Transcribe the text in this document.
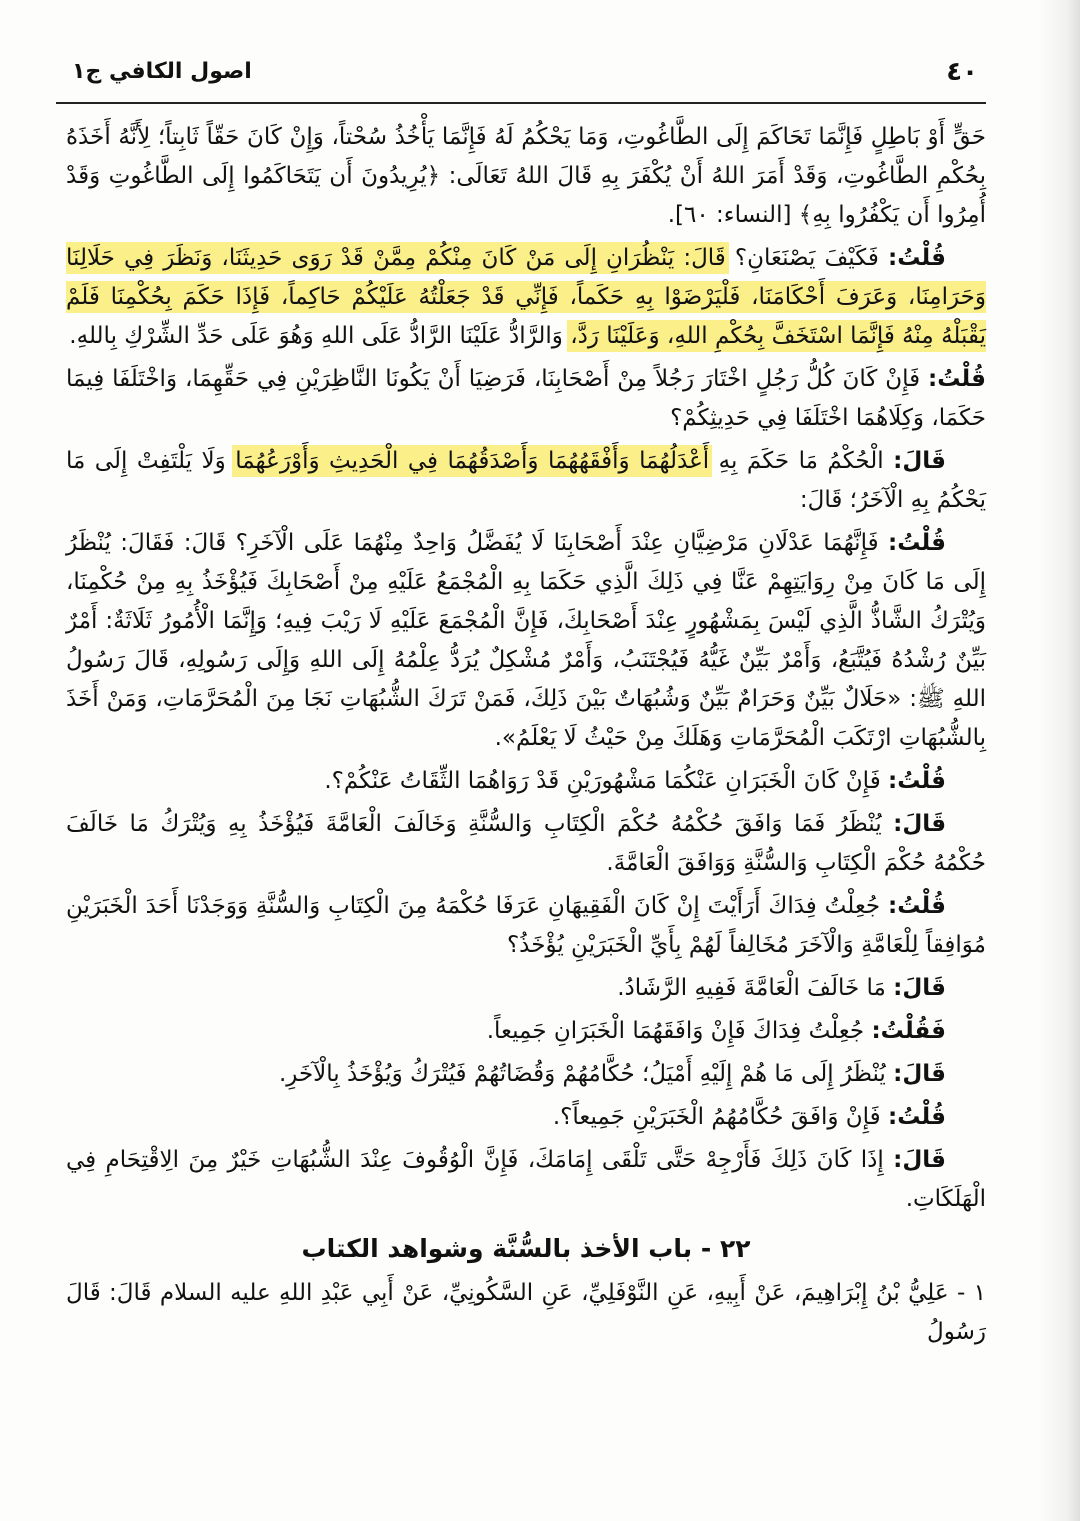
٤٠
اصول الكافي ج١

حَقٍّ أَوْ بَاطِلٍ فَإِنَّمَا تَحَاكَمَ إِلَى الطَّاغُوتِ، وَمَا يَحْكُمُ لَهُ فَإِنَّمَا يَأْخُذُ سُحْتاً، وَإِنْ كَانَ حَقّاً ثَابِتاً؛ لِأَنَّهُ أَخَذَهُ بِحُكْمِ الطَّاغُوتِ، وَقَدْ أَمَرَ اللهُ أَنْ يُكْفَرَ بِهِ قَالَ اللهُ تَعَالَى: ﴿يُرِيدُونَ أَن يَتَحَاكَمُوا إِلَى الطَّاغُوتِ وَقَدْ أُمِرُوا أَن يَكْفُرُوا بِهِ﴾ [النساء: ٦٠].

قُلْتُ: فَكَيْفَ يَصْنَعَانِ؟ قَالَ: يَنْظُرَانِ إِلَى مَنْ كَانَ مِنْكُمْ مِمَّنْ قَدْ رَوَى حَدِيثَنَا، وَنَظَرَ فِي حَلَالِنَا وَحَرَامِنَا، وَعَرَفَ أَحْكَامَنَا، فَلْيَرْضَوْا بِهِ حَكَماً، فَإِنِّي قَدْ جَعَلْتُهُ عَلَيْكُمْ حَاكِماً، فَإِذَا حَكَمَ بِحُكْمِنَا فَلَمْ يَقْبَلْهُ مِنْهُ فَإِنَّمَا اسْتَخَفَّ بِحُكْمِ اللهِ، وَعَلَيْنَا رَدَّ، وَالرَّادُّ عَلَيْنَا الرَّادُّ عَلَى اللهِ وَهُوَ عَلَى حَدِّ الشِّرْكِ بِاللهِ.

قُلْتُ: فَإِنْ كَانَ كُلُّ رَجُلٍ اخْتَارَ رَجُلاً مِنْ أَصْحَابِنَا، فَرَضِيَا أَنْ يَكُونَا النَّاظِرَيْنِ فِي حَقِّهِمَا، وَاخْتَلَفَا فِيمَا حَكَمَا، وَكِلَاهُمَا اخْتَلَفَا فِي حَدِيثِكُمْ؟

قَالَ: الْحُكْمُ مَا حَكَمَ بِهِ أَعْدَلُهُمَا وَأَفْقَهُهُمَا وَأَصْدَقُهُمَا فِي الْحَدِيثِ وَأَوْرَعُهُمَا وَلَا يَلْتَفِتْ إِلَى مَا يَحْكُمُ بِهِ الْآخَرُ؛ قَالَ:

قُلْتُ: فَإِنَّهُمَا عَدْلَانِ مَرْضِيَّانِ عِنْدَ أَصْحَابِنَا لَا يُفَضَّلُ وَاحِدٌ مِنْهُمَا عَلَى الْآخَرِ؟ قَالَ: فَقَالَ: يُنْظَرُ إِلَى مَا كَانَ مِنْ رِوَايَتِهِمْ عَنَّا فِي ذَلِكَ الَّذِي حَكَمَا بِهِ الْمُجْمَعُ عَلَيْهِ مِنْ أَصْحَابِكَ فَيُؤْخَذُ بِهِ مِنْ حُكْمِنَا، وَيُتْرَكُ الشَّاذُّ الَّذِي لَيْسَ بِمَشْهُورٍ عِنْدَ أَصْحَابِكَ، فَإِنَّ الْمُجْمَعَ عَلَيْهِ لَا رَيْبَ فِيهِ؛ وَإِنَّمَا الْأُمُورُ ثَلَاثَةٌ: أَمْرٌ بَيِّنٌ رُشْدُهُ فَيُتَّبَعُ، وَأَمْرٌ بَيِّنٌ غَيُّهُ فَيُجْتَنَبُ، وَأَمْرٌ مُشْكِلٌ يُرَدُّ عِلْمُهُ إِلَى اللهِ وَإِلَى رَسُولِهِ، قَالَ رَسُولُ اللهِ ﷺ: «حَلَالٌ بَيِّنٌ وَحَرَامٌ بَيِّنٌ وَشُبُهَاتٌ بَيْنَ ذَلِكَ، فَمَنْ تَرَكَ الشُّبُهَاتِ نَجَا مِنَ الْمُحَرَّمَاتِ، وَمَنْ أَخَذَ بِالشُّبُهَاتِ ارْتَكَبَ الْمُحَرَّمَاتِ وَهَلَكَ مِنْ حَيْثُ لَا يَعْلَمُ».

قُلْتُ: فَإِنْ كَانَ الْخَبَرَانِ عَنْكُمَا مَشْهُورَيْنِ قَدْ رَوَاهُمَا الثِّقَاتُ عَنْكُمْ؟.

قَالَ: يُنْظَرُ فَمَا وَافَقَ حُكْمُهُ حُكْمَ الْكِتَابِ وَالسُّنَّةِ وَخَالَفَ الْعَامَّةَ فَيُؤْخَذُ بِهِ وَيُتْرَكُ مَا خَالَفَ حُكْمُهُ حُكْمَ الْكِتَابِ وَالسُّنَّةِ وَوَافَقَ الْعَامَّةَ.

قُلْتُ: جُعِلْتُ فِدَاكَ أَرَأَيْتَ إِنْ كَانَ الْفَقِيهَانِ عَرَفَا حُكْمَهُ مِنَ الْكِتَابِ وَالسُّنَّةِ وَوَجَدْنَا أَحَدَ الْخَبَرَيْنِ مُوَافِقاً لِلْعَامَّةِ وَالْآخَرَ مُخَالِفاً لَهُمْ بِأَيِّ الْخَبَرَيْنِ يُؤْخَذُ؟

قَالَ: مَا خَالَفَ الْعَامَّةَ فَفِيهِ الرَّشَادُ.

فَقُلْتُ: جُعِلْتُ فِدَاكَ فَإِنْ وَافَقَهُمَا الْخَبَرَانِ جَمِيعاً.

قَالَ: يُنْظَرُ إِلَى مَا هُمْ إِلَيْهِ أَمْيَلُ؛ حُكَّامُهُمْ وَقُضَاتُهُمْ فَيُتْرَكُ وَيُؤْخَذُ بِالْآخَرِ.

قُلْتُ: فَإِنْ وَافَقَ حُكَّامُهُمُ الْخَبَرَيْنِ جَمِيعاً؟.

قَالَ: إِذَا كَانَ ذَلِكَ فَأَرْجِهْ حَتَّى تَلْقَى إِمَامَكَ، فَإِنَّ الْوُقُوفَ عِنْدَ الشُّبُهَاتِ خَيْرٌ مِنَ الِاقْتِحَامِ فِي الْهَلَكَاتِ.

٢٢ - باب الأخذ بالسُّنَّة وشواهد الكتاب

١ - عَلِيُّ بْنُ إِبْرَاهِيمَ، عَنْ أَبِيهِ، عَنِ النَّوْفَلِيِّ، عَنِ السَّكُونِيِّ، عَنْ أَبِي عَبْدِ اللهِ عليه السلام قَالَ: قَالَ رَسُولُ
